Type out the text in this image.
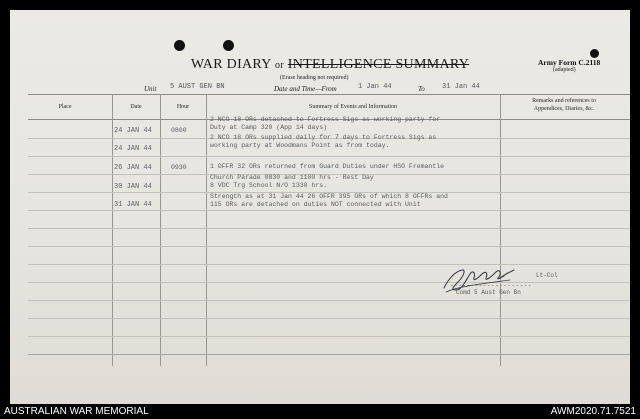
WAR DIARY or INTELLIGENCE SUMMARY
(Erase heading not required)
Army Form C.2118
(adapted)
Unit 5 AUST GEN BN	Date and Time—From	1 Jan 44	To 31 Jan 44
Place	Date	Hour	Summary of Events and Information
Remarks and references to
Appendices, Diaries, &c.
24 JAN 44	0800
2 NCO 18 ORs detached to Fortress Sigs as working party for
Duty at Camp 320 (App 14 days)
24 JAN 44
2 NCO 18 ORs supplied daily for 7 days to Fortress Sigs as
working party at Woodmans Point as from today.
26 JAN 44	0930	1 OFFR 32 ORs returned from Guard Duties under HSO Fremantle
30 JAN 44
Church Parade 0830 and 1100 hrs - Rest Day
8 VDC Trg School N/O 1330 hrs.
31 JAN 44
Strength as at 31 Jan 44 26 OFFR 395 ORs of which 8 OFFRs and
115 ORs are detached on duties NOT connected with Unit
--------------------
Lt-Col
Comd 5 Aust Gen Bn
AUSTRALIAN WAR MEMORIAL	AWM2020.71.7521
